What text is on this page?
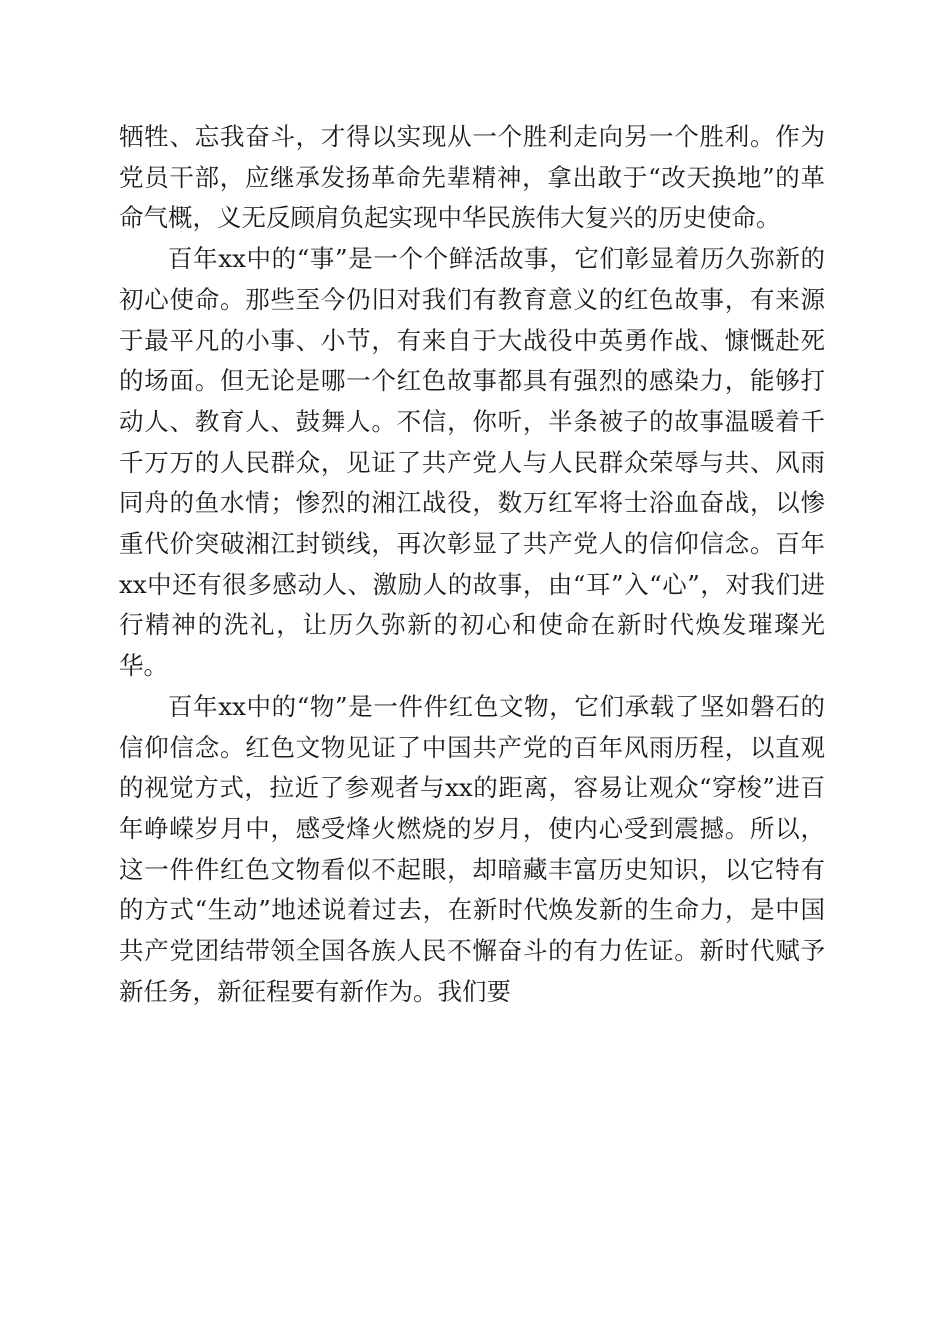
牺牲、忘我奋斗，才得以实现从一个胜利走向另一个胜利。作为党员干部，应继承发扬革命先辈精神，拿出敢于“改天换地”的革命气概，义无反顾肩负起实现中华民族伟大复兴的历史使命。

百年xx中的“事”是一个个鲜活故事，它们彰显着历久弥新的初心使命。那些至今仍旧对我们有教育意义的红色故事，有来源于最平凡的小事、小节，有来自于大战役中英勇作战、慷慨赴死的场面。但无论是哪一个红色故事都具有强烈的感染力，能够打动人、教育人、鼓舞人。不信，你听，半条被子的故事温暖着千千万万的人民群众，见证了共产党人与人民群众荣辱与共、风雨同舟的鱼水情；惨烈的湘江战役，数万红军将士浴血奋战，以惨重代价突破湘江封锁线，再次彰显了共产党人的信仰信念。百年xx中还有很多感动人、激励人的故事，由“耳”入“心”，对我们进行精神的洗礼，让历久弥新的初心和使命在新时代焕发璀璨光华。

百年xx中的“物”是一件件红色文物，它们承载了坚如磐石的信仰信念。红色文物见证了中国共产党的百年风雨历程，以直观的视觉方式，拉近了参观者与xx的距离，容易让观众“穿梭”进百年峥嵘岁月中，感受烽火燃烧的岁月，使内心受到震撼。所以，这一件件红色文物看似不起眼，却暗藏丰富历史知识，以它特有的方式“生动”地述说着过去，在新时代焕发新的生命力，是中国共产党团结带领全国各族人民不懈奋斗的有力佐证。新时代赋予新任务，新征程要有新作为。我们要
